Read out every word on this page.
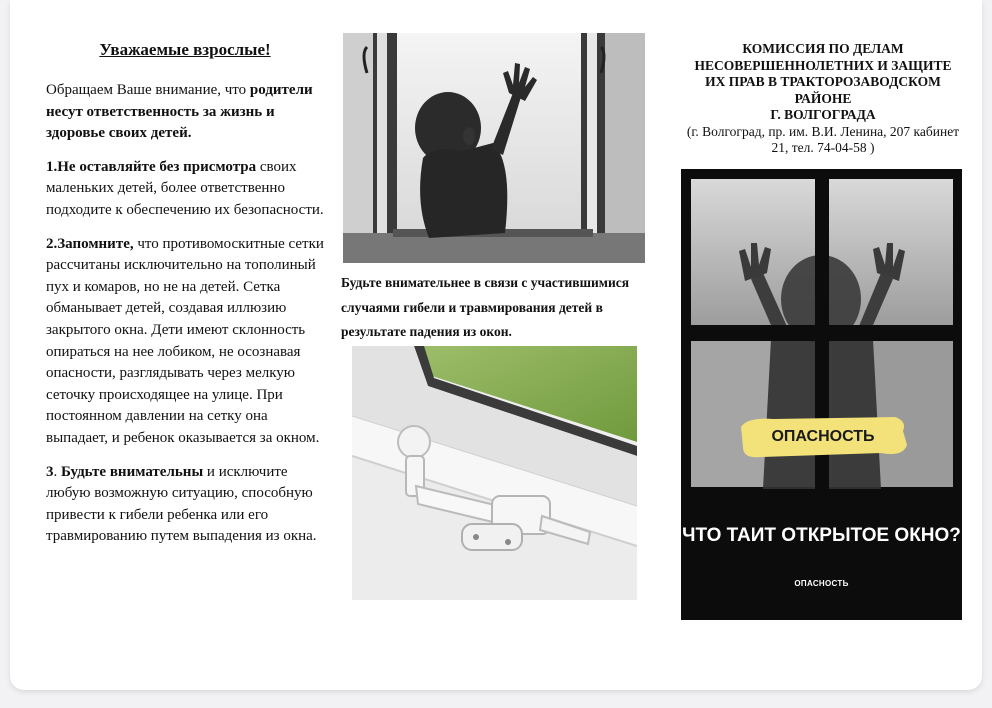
Уважаемые взрослые!

Обращаем Ваше внимание, что родители несут ответственность за жизнь и здоровье своих детей.

1.Не оставляйте без присмотра своих маленьких детей, более ответственно подходите к обеспечению их безопасности.

2.Запомните, что противомоскитные сетки рассчитаны исключительно на тополиный пух и комаров, но не на детей. Сетка обманывает детей, создавая иллюзию закрытого окна. Дети имеют склонность опираться на нее лобиком, не осознавая опасности, разглядывать через мелкую сеточку происходящее на улице. При постоянном давлении на сетку она выпадает, и ребенок оказывается за окном.

3. Будьте внимательны и исключите любую возможную ситуацию, способную привести к гибели ребенка или его травмированию путем выпадения из окна.

Будьте внимательнее в связи с участившимися случаями гибели и травмирования детей в результате падения из окон.

КОМИССИЯ ПО ДЕЛАМ НЕСОВЕРШЕННОЛЕТНИХ И ЗАЩИТЕ ИХ ПРАВ В ТРАКТОРОЗАВОДСКОМ РАЙОНЕ

Г. ВОЛГОГРАДА

(г. Волгоград, пр. им. В.И. Ленина, 207 кабинет 21, тел. 74-04-58 )

ОПАСНОСТЬ
ЧТО ТАИТ ОТКРЫТОЕ ОКНО?
ОПАСНОСТЬ
